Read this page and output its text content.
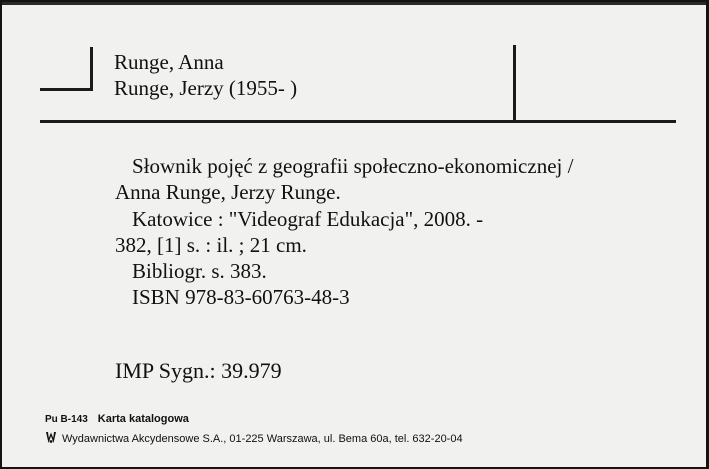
Runge, Anna
Runge, Jerzy (1955- )
Słownik pojęć z geografii społeczno-ekonomicznej /
Anna Runge, Jerzy Runge.
Katowice : "Videograf Edukacja", 2008. -
382, [1] s. : il. ; 21 cm.
Bibliogr. s. 383.
ISBN 978-83-60763-48-3
IMP Sygn.: 39.979
Pu B-143 Karta katalogowa
Wydawnictwa Akcydensowe S.A., 01-225 Warszawa, ul. Bema 60a, tel. 632-20-04
